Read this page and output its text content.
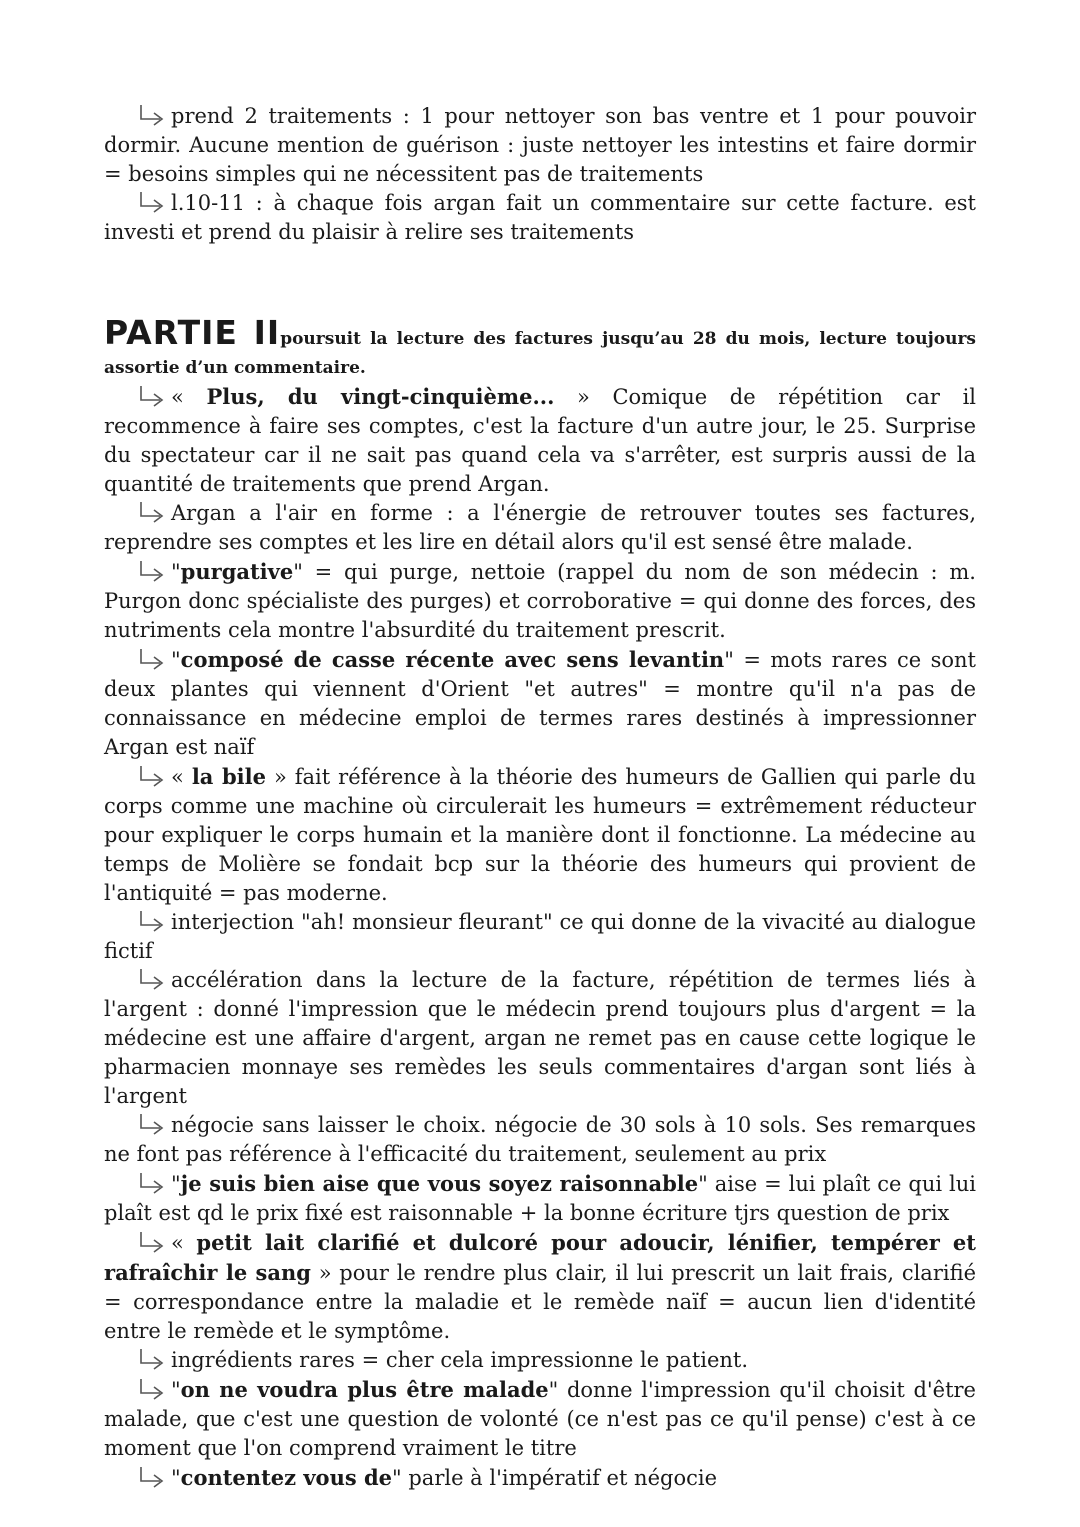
prend 2 traitements : 1 pour nettoyer son bas ventre et 1 pour pouvoir dormir. Aucune mention de guérison : juste nettoyer les intestins et faire dormir = besoins simples qui ne nécessitent pas de traitements

l.10-11 : à chaque fois argan fait un commentaire sur cette facture. est investi et prend du plaisir à relire ses traitements

PARTIE IIpoursuit la lecture des factures jusqu’au 28 du mois, lecture toujours assortie d’un commentaire.

« Plus, du vingt-cinquième... » Comique de répétition car il recommence à faire ses comptes, c'est la facture d'un autre jour, le 25. Surprise du spectateur car il ne sait pas quand cela va s'arrêter, est surpris aussi de la quantité de traitements que prend Argan.

Argan a l'air en forme : a l'énergie de retrouver toutes ses factures, reprendre ses comptes et les lire en détail alors qu'il est sensé être malade.

"purgative" = qui purge, nettoie (rappel du nom de son médecin : m. Purgon donc spécialiste des purges) et corroborative = qui donne des forces, des nutriments cela montre l'absurdité du traitement prescrit.

"composé de casse récente avec sens levantin" = mots rares ce sont deux plantes qui viennent d'Orient "et autres" = montre qu'il n'a pas de connaissance en médecine emploi de termes rares destinés à impressionner Argan est naïf

« la bile » fait référence à la théorie des humeurs de Gallien qui parle du corps comme une machine où circulerait les humeurs = extrêmement réducteur pour expliquer le corps humain et la manière dont il fonctionne. La médecine au temps de Molière se fondait bcp sur la théorie des humeurs qui provient de l'antiquité = pas moderne.

interjection "ah! monsieur fleurant" ce qui donne de la vivacité au dialogue fictif

accélération dans la lecture de la facture, répétition de termes liés à l'argent : donné l'impression que le médecin prend toujours plus d'argent = la médecine est une affaire d'argent, argan ne remet pas en cause cette logique le pharmacien monnaye ses remèdes les seuls commentaires d'argan sont liés à l'argent

négocie sans laisser le choix. négocie de 30 sols à 10 sols. Ses remarques ne font pas référence à l'efficacité du traitement, seulement au prix

"je suis bien aise que vous soyez raisonnable" aise = lui plaît ce qui lui plaît est qd le prix fixé est raisonnable + la bonne écriture tjrs question de prix

« petit lait clarifié et dulcoré pour adoucir, lénifier, tempérer et rafraîchir le sang » pour le rendre plus clair, il lui prescrit un lait frais, clarifié = correspondance entre la maladie et le remède naïf = aucun lien d'identité entre le remède et le symptôme.

ingrédients rares = cher cela impressionne le patient.

"on ne voudra plus être malade" donne l'impression qu'il choisit d'être malade, que c'est une question de volonté (ce n'est pas ce qu'il pense) c'est à ce moment que l'on comprend vraiment le titre

"contentez vous de" parle à l'impératif et négocie
